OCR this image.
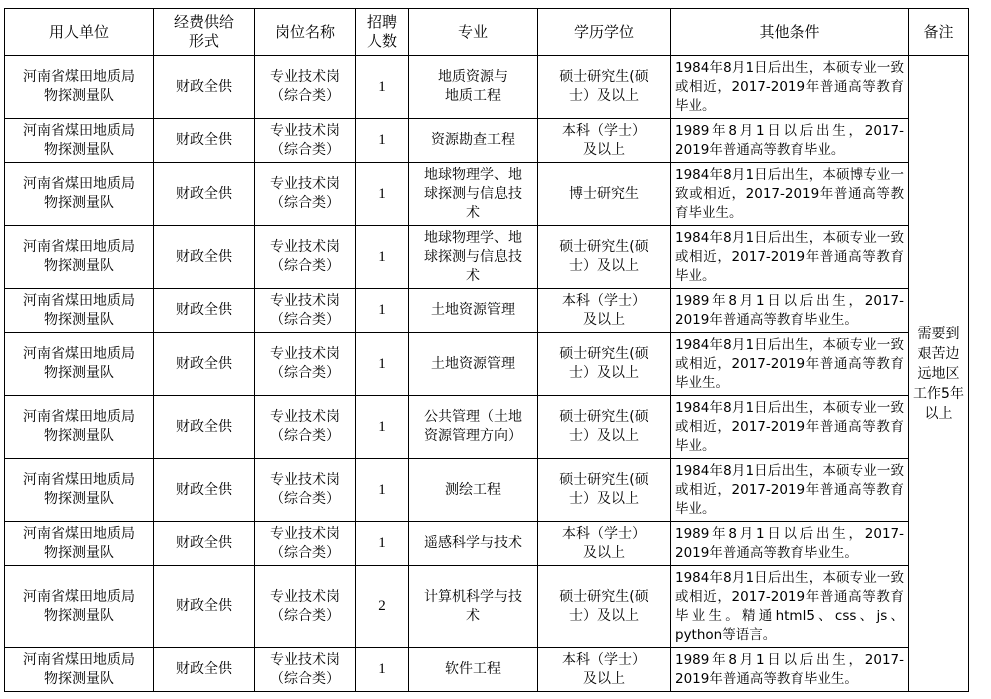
用人单位	经费供给
形式	岗位名称	招聘
人数	专业	学历学位	其他条件	备注
河南省煤田地质局
物探测量队	财政全供	专业技术岗
（综合类）	1	地质资源与
地质工程	硕士研究生(硕
士）及以上	1984年8月1日后出生，本硕专业一致或相近，2017-2019年普通高等教育毕业。	需要到
艰苦边
远地区
工作5年
以上
河南省煤田地质局
物探测量队	财政全供	专业技术岗
（综合类）	1	资源勘查工程	本科（学士）
及以上	1989年8月1日以后出生，2017-2019年普通高等教育毕业。	
河南省煤田地质局
物探测量队	财政全供	专业技术岗
（综合类）	1	地球物理学、地
球探测与信息技
术	博士研究生	1984年8月1日后出生，本硕博专业一致或相近，2017-2019年普通高等教育毕业生。	
河南省煤田地质局
物探测量队	财政全供	专业技术岗
（综合类）	1	地球物理学、地
球探测与信息技
术	硕士研究生(硕
士）及以上	1984年8月1日后出生，本硕专业一致或相近，2017-2019年普通高等教育毕业。	
河南省煤田地质局
物探测量队	财政全供	专业技术岗
（综合类）	1	土地资源管理	本科（学士）
及以上	1989年8月1日以后出生，2017-2019年普通高等教育毕业生。	
河南省煤田地质局
物探测量队	财政全供	专业技术岗
（综合类）	1	土地资源管理	硕士研究生(硕
士）及以上	1984年8月1日后出生，本硕专业一致或相近，2017-2019年普通高等教育毕业生。	
河南省煤田地质局
物探测量队	财政全供	专业技术岗
（综合类）	1	公共管理（土地
资源管理方向）	硕士研究生(硕
士）及以上	1984年8月1日后出生，本硕专业一致或相近，2017-2019年普通高等教育毕业。	
河南省煤田地质局
物探测量队	财政全供	专业技术岗
（综合类）	1	测绘工程	硕士研究生(硕
士）及以上	1984年8月1日后出生，本硕专业一致或相近，2017-2019年普通高等教育毕业。	
河南省煤田地质局
物探测量队	财政全供	专业技术岗
（综合类）	1	遥感科学与技术	本科（学士）
及以上	1989年8月1日以后出生，2017-2019年普通高等教育毕业生。	
河南省煤田地质局
物探测量队	财政全供	专业技术岗
（综合类）	2	计算机科学与技
术	硕士研究生(硕
士）及以上	1984年8月1日后出生，本硕专业一致或相近，2017-2019年普通高等教育毕业生。精通html5、css、js、python等语言。	
河南省煤田地质局
物探测量队	财政全供	专业技术岗
（综合类）	1	软件工程	本科（学士）
及以上	1989年8月1日以后出生，2017-2019年普通高等教育毕业生。	
